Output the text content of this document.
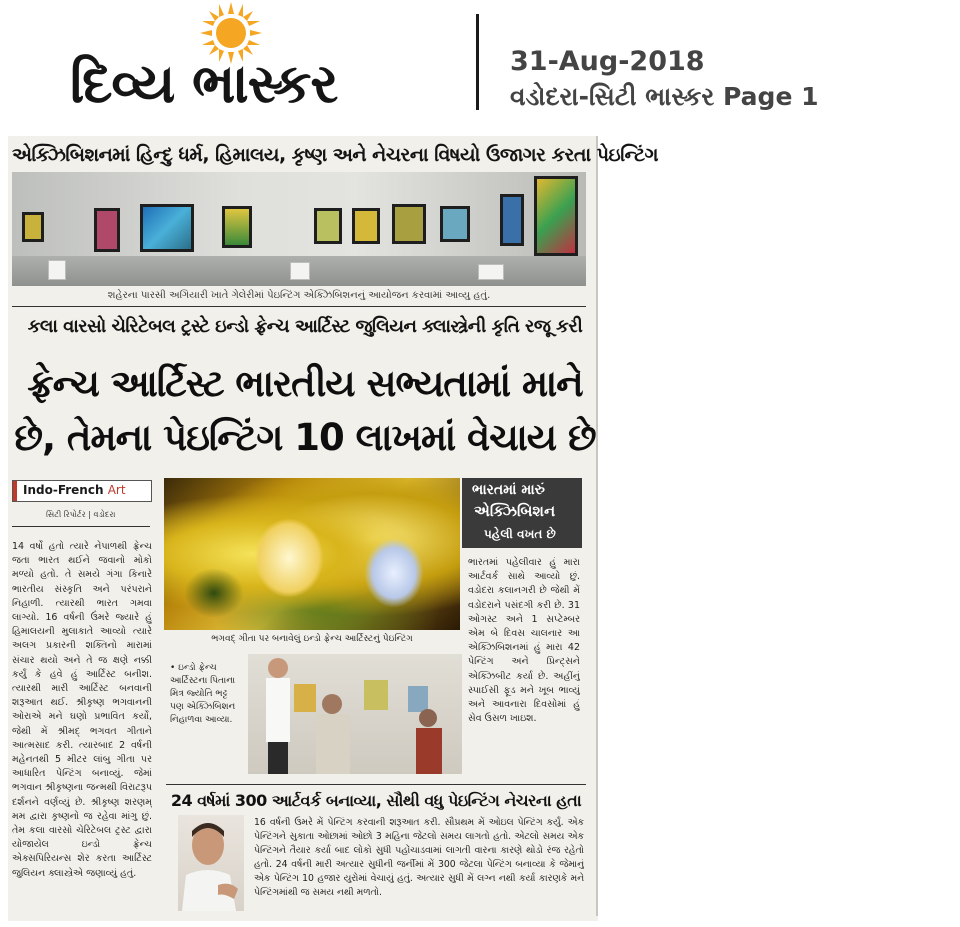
દિવ્ય ભાસ્કર	31-Aug-2018
વડોદરા-સિટી ભાસ્કર Page 1
એક્ઝિબિશનમાં હિન્દુ ધર્મ, હિમાલય, કૃષ્ણ અને નેચરના વિષયો ઉજાગર કરતા પેઇન્ટિંગ
શહેરના પારસી અગિયારી ખાતે ગેલેરીમાં પેઇન્ટિંગ એક્ઝિબિશનનું આયોજન કરવામાં આવ્યુ હતું.
કલા વારસો ચેરિટેબલ ટ્રસ્ટે ઇન્ડો ફ્રેન્ચ આર્ટિસ્ટ જુલિયન ક્લાસ્ત્રેની કૃતિ રજૂ કરી
ફ્રેન્ચ આર્ટિસ્ટ ભારતીય સભ્યતામાં માને
છે, તેમના પેઇન્ટિંગ 10 લાખમાં વેચાય છે
Indo-French Art
સિટી રિપોર્ટર | વડોદરા
14 વર્ષો હતો ત્યારે નેપાળથી ફ્રેન્ચ જતા ભારત થઈને જવાનો મોકો મળ્યો હતો. તે સમયે ગંગા કિનારે ભારતીય સંસ્કૃતિ અને પરંપરાને નિહાળી. ત્યારથી ભારત ગમવા લાગ્યો. 16 વર્ષની ઉંમરે જ્યારે હું હિમાલયની મુલાકાતે આવ્યો ત્યારે અલગ પ્રકારની શક્તિનો મારામાં સંચાર થયો અને તે જ ક્ષણે નક્કી કર્યું કે હવે હું આર્ટિસ્ટ બનીશ. ત્યારથી મારી આર્ટિસ્ટ બનવાની શરૂઆત થઈ. શ્રીકૃષ્ણ ભગવાનની ઓરાએ મને ઘણો પ્રભાવિત કર્યો, જેથી મેં શ્રીમદ્ ભગવત ગીતાને આત્મસાદ કરી. ત્યારબાદ 2 વર્ષની મહેનતથી 5 મીટર લાંબુ ગીતા પર આધારિત પેન્ટિંગ બનાવ્યું. જેમાં ભગવાન શ્રીકૃષ્ણના જન્મથી વિરાટરૂપ દર્શનને વર્ણવ્યું છે. શ્રીકૃષ્ણ શરણમ્ મમ દ્વારા કૃષ્ણનો જ રહેવા માંગુ છું. તેમ કલા વારસો ચેરિટેબલ ટ્રસ્ટ દ્વારા યોજાયેલ ઇન્ડો ફ્રેન્ચ એક્સપિરિયન્સ શેર કરતા આર્ટિસ્ટ જુલિયન ક્લાસ્ત્રેએ જણાવ્યું હતું.
ભગવદ્ ગીતા પર બનાવેલું ઇન્ડો ફ્રેન્ચ આર્ટિસ્ટનું પેઇન્ટિંગ
ભારતમાં મારું
એક્ઝિબિશન
પહેલી વખત છે
ભારતમાં પહેલીવાર હું મારા આર્ટવર્ક સાથે આવ્યો છું. વડોદરા કલાનગરી છે જેથી મેં વડોદરાને પસંદગી કરી છે. 31 ઓગસ્ટ અને 1 સપ્ટેમ્બર એમ બે દિવસ ચાલનાર આ એક્ઝિબિશનમાં હું મારા 42 પેન્ટિંગ અને પ્રિન્ટ્સને એક્ઝિબીટ કર્યા છે. અહીંનું સ્પાઈસી ફૂડ મને ખૂબ ભાવ્યું અને આવનારા દિવસોમાં હું સેવ ઉસળ ખાઇશ.
• ઇન્ડો ફ્રેન્ચ આર્ટિસ્ટના પિતાના મિત્ર જ્યોતિ ભટ્ટ પણ એક્ઝિબિશન નિહાળવા આવ્યા.
24 વર્ષમાં 300 આર્ટવર્ક બનાવ્યા, સૌથી વધુ પેઇન્ટિંગ નેચરના હતા
16 વર્ષની ઉંમરે મેં પેન્ટિંગ કરવાની શરૂઆત કરી. સૌપ્રથમ મેં ઓઇલ પેન્ટિંગ કર્યું. એક પેન્ટિંગને સુકાતા ઓછામાં ઓછો 3 મહિના જેટલો સમય લાગતો હતો. એટલો સમય એક પેન્ટિંગને તૈયાર કર્યા બાદ લોકો સુધી પહોંચાડવામાં લાગતી વારના કારણે થોડો રંજ રહેતો હતો. 24 વર્ષની મારી અત્યાર સુધીની જર્નીમાં મેં 300 જેટલા પેન્ટિંગ બનાવ્યા કે જેમાનું એક પેન્ટિંગ 10 હજાર યુરોમાં વેચાયું હતું. અત્યાર સુધી મેં લગ્ન નથી કર્યા કારણકે મને પેન્ટિંગમાંથી જ સમય નથી મળતો.
